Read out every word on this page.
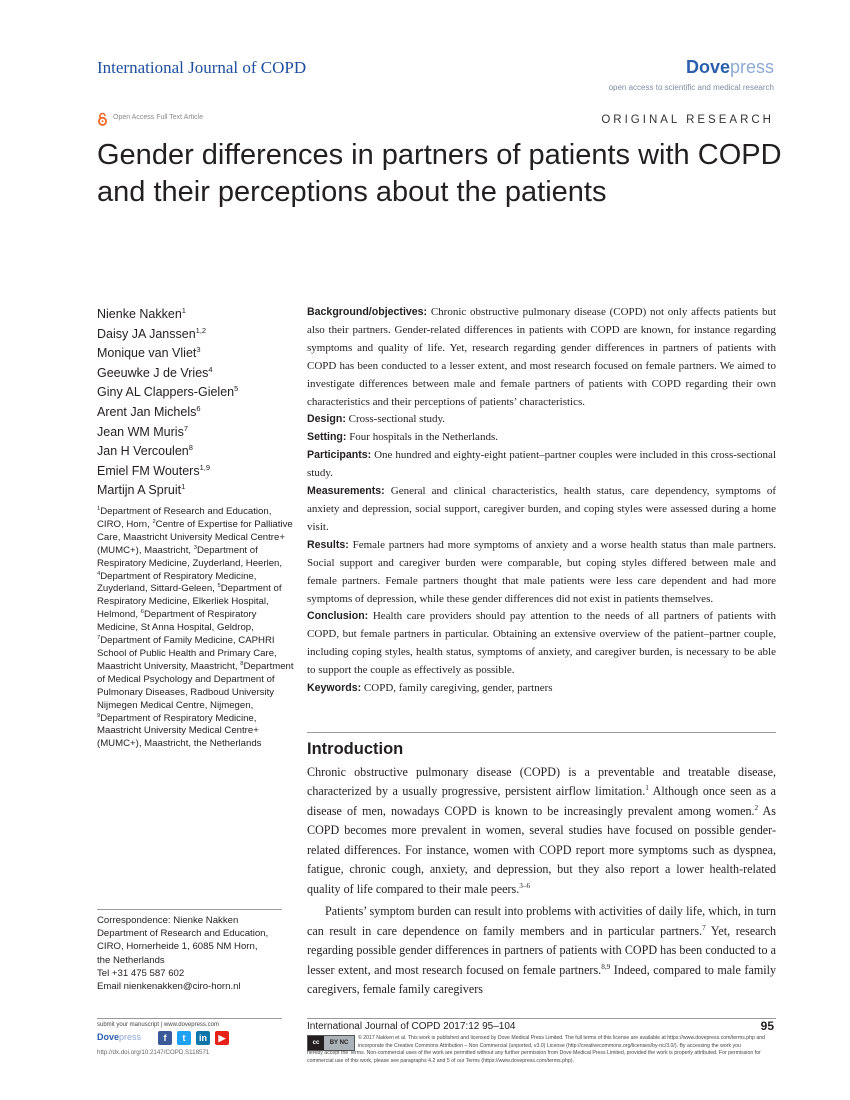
International Journal of COPD	Dovepress
open access to scientific and medical research
Open Access Full Text Article	ORIGINAL RESEARCH
Gender differences in partners of patients with COPD and their perceptions about the patients
Nienke Nakken$^1$
Daisy JA Janssen$^{1,2}$
Monique van Vliet$^3$
Geeuwke J de Vries$^4$
Giny AL Clappers-Gielen$^5$
Arent Jan Michels$^6$
Jean WM Muris$^7$
Jan H Vercoulen$^8$
Emiel FM Wouters$^{1,9}$
Martijn A Spruit$^1$
$^1$Department of Research and Education, CIRO, Horn, $^2$Centre of Expertise for Palliative Care, Maastricht University Medical Centre+ (MUMC+), Maastricht, $^3$Department of Respiratory Medicine, Zuyderland, Heerlen, $^4$Department of Respiratory Medicine, Zuyderland, Sittard-Geleen, $^5$Department of Respiratory Medicine, Elkerliek Hospital, Helmond, $^6$Department of Respiratory Medicine, St Anna Hospital, Geldrop, $^7$Department of Family Medicine, CAPHRI School of Public Health and Primary Care, Maastricht University, Maastricht, $^8$Department of Medical Psychology and Department of Pulmonary Diseases, Radboud University Nijmegen Medical Centre, Nijmegen, $^9$Department of Respiratory Medicine, Maastricht University Medical Centre+ (MUMC+), Maastricht, the Netherlands
Correspondence: Nienke Nakken
Department of Research and Education,
CIRO, Hornerheide 1, 6085 NM Horn,
the Netherlands
Tel +31 475 587 602
Email nienkenakken@ciro-horn.nl

Background/objectives: Chronic obstructive pulmonary disease (COPD) not only affects patients but also their partners. Gender-related differences in patients with COPD are known, for instance regarding symptoms and quality of life. Yet, research regarding gender differences in partners of patients with COPD has been conducted to a lesser extent, and most research focused on female partners. We aimed to investigate differences between male and female partners of patients with COPD regarding their own characteristics and their perceptions of patients’ characteristics.

Design: Cross-sectional study.

Setting: Four hospitals in the Netherlands.

Participants: One hundred and eighty-eight patient–partner couples were included in this cross-sectional study.

Measurements: General and clinical characteristics, health status, care dependency, symptoms of anxiety and depression, social support, caregiver burden, and coping styles were assessed during a home visit.

Results: Female partners had more symptoms of anxiety and a worse health status than male partners. Social support and caregiver burden were comparable, but coping styles differed between male and female partners. Female partners thought that male patients were less care dependent and had more symptoms of depression, while these gender differences did not exist in patients themselves.

Conclusion: Health care providers should pay attention to the needs of all partners of patients with COPD, but female partners in particular. Obtaining an extensive overview of the patient–partner couple, including coping styles, health status, symptoms of anxiety, and caregiver burden, is necessary to be able to support the couple as effectively as possible.

Keywords: COPD, family caregiving, gender, partners

Introduction

Chronic obstructive pulmonary disease (COPD) is a preventable and treatable disease, characterized by a usually progressive, persistent airflow limitation.$^1$ Although once seen as a disease of men, nowadays COPD is known to be increasingly prevalent among women.$^2$ As COPD becomes more prevalent in women, several studies have focused on possible gender-related differences. For instance, women with COPD report more symptoms such as dyspnea, fatigue, chronic cough, anxiety, and depression, but they also report a lower health-related quality of life compared to their male peers.$^{3-6}$

Patients’ symptom burden can result into problems with activities of daily life, which, in turn can result in care dependence on family members and in particular partners.$^7$ Yet, research regarding possible gender differences in partners of patients with COPD has been conducted to a lesser extent, and most research focused on female partners.$^{8,9}$ Indeed, compared to male family caregivers, female family caregivers

submit your manuscript | www.dovepress.com
Dovepress	f	t	in	▶
http://dx.doi.org/10.2147/COPD.S118571
International Journal of COPD 2017:12 95–104	95
cc	BY NC
© 2017 Nakken et al. This work is published and licensed by Dove Medical Press Limited. The full terms of this license are available at https://www.dovepress.com/terms.php and incorporate the Creative Commons Attribution – Non Commercial (unported, v3.0) License (http://creativecommons.org/licenses/by-nc/3.0/). By accessing the work you
hereby accept the Terms. Non-commercial uses of the work are permitted without any further permission from Dove Medical Press Limited, provided the work is properly attributed. For permission for commercial use of this work, please see paragraphs 4.2 and 5 of our Terms (https://www.dovepress.com/terms.php).
